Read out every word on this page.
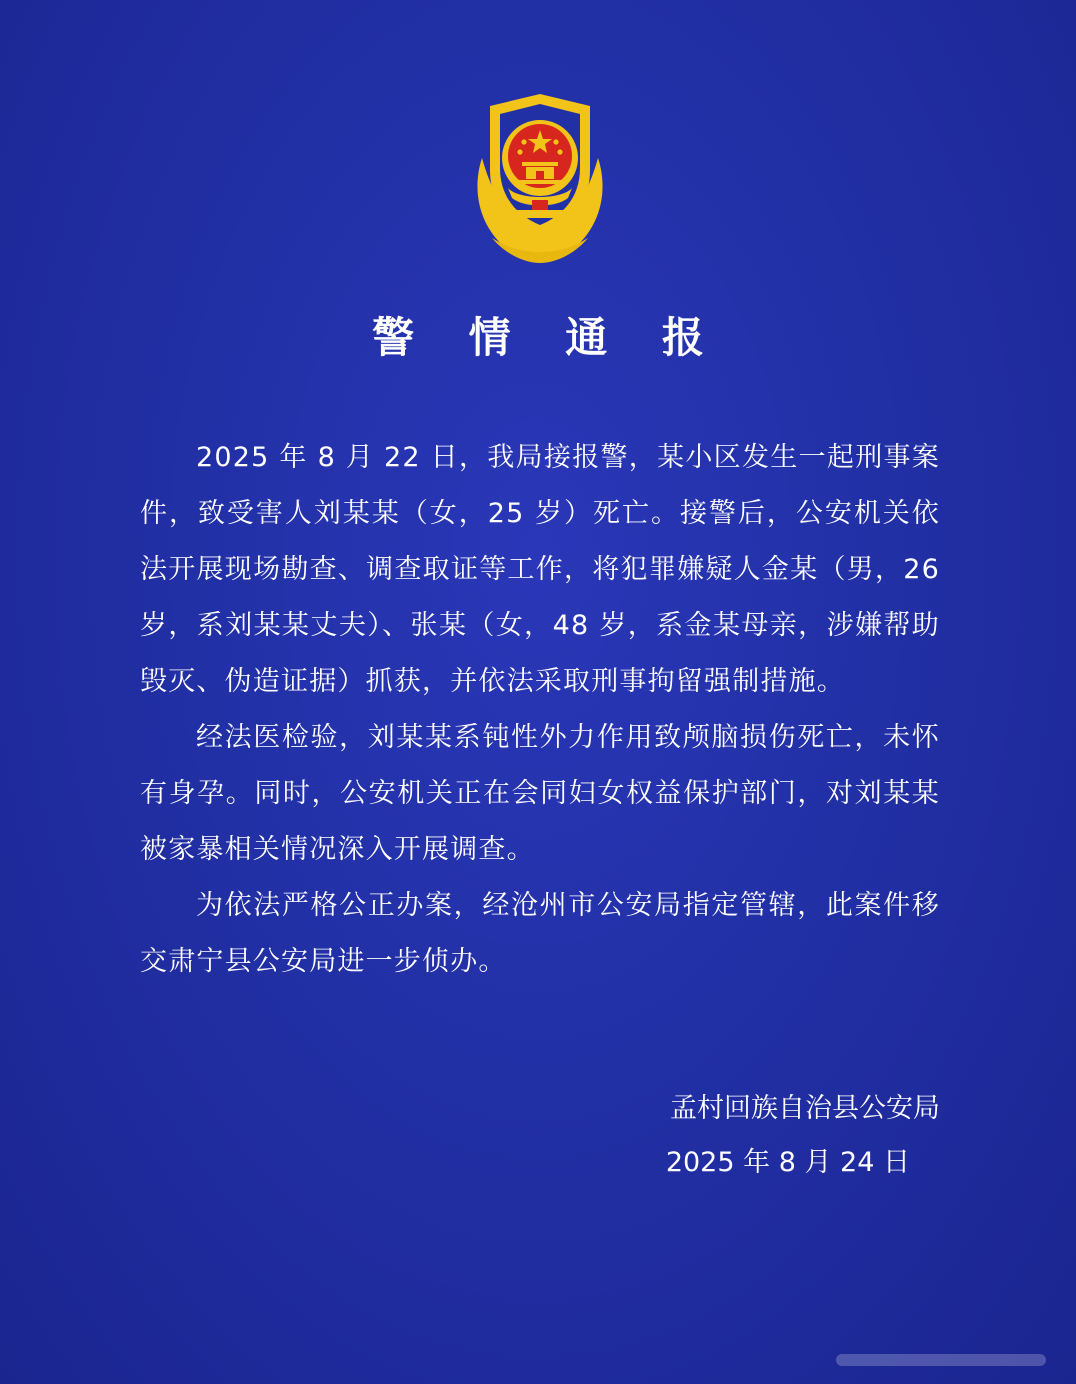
警 情 通 报

2025 年 8 月 22 日，我局接报警，某小区发生一起刑事案件，致受害人刘某某（女，25 岁）死亡。接警后，公安机关依法开展现场勘查、调查取证等工作，将犯罪嫌疑人金某（男，26 岁，系刘某某丈夫）、张某（女，48 岁，系金某母亲，涉嫌帮助毁灭、伪造证据）抓获，并依法采取刑事拘留强制措施。

经法医检验，刘某某系钝性外力作用致颅脑损伤死亡，未怀有身孕。同时，公安机关正在会同妇女权益保护部门，对刘某某被家暴相关情况深入开展调查。

为依法严格公正办案，经沧州市公安局指定管辖，此案件移交肃宁县公安局进一步侦办。

孟村回族自治县公安局
2025 年 8 月 24 日
